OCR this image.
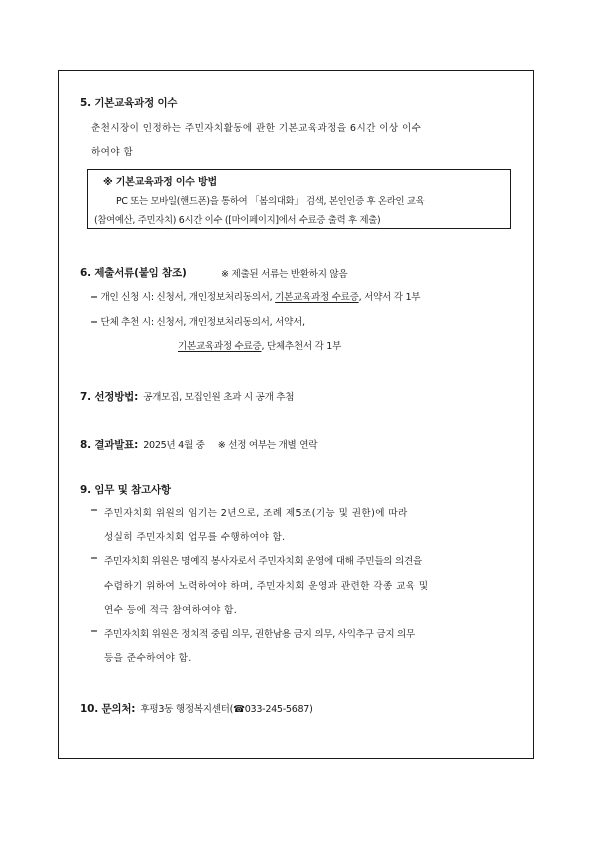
5. 기본교육과정 이수
춘천시장이 인정하는 주민자치활동에 관한 기본교육과정을 6시간 이상 이수
하여야 함
※ 기본교육과정 이수 방법
PC 또는 모바일(핸드폰)을 통하여 「봄의대화」 검색, 본인인증 후 온라인 교육
(참여예산, 주민자치) 6시간 이수 ([마이페이지]에서 수료증 출력 후 제출)
6. 제출서류(붙임 참조)	※ 제출된 서류는 반환하지 않음
− 개인 신청 시: 신청서, 개인정보처리동의서, 기본교육과정 수료증, 서약서 각 1부
− 단체 추천 시: 신청서, 개인정보처리동의서, 서약서,
기본교육과정 수료증, 단체추천서 각 1부
7. 선정방법: 공개모집, 모집인원 초과 시 공개 추첨
8. 결과발표: 2025년 4월 중 ※ 선정 여부는 개별 연락
9. 임무 및 참고사항
− 주민자치회 위원의 임기는 2년으로, 조례 제5조(기능 및 권한)에 따라
성실히 주민자치회 업무를 수행하여야 함.
− 주민자치회 위원은 명예직 봉사자로서 주민자치회 운영에 대해 주민들의 의견을
수렴하기 위하여 노력하여야 하며, 주민자치회 운영과 관련한 각종 교육 및
연수 등에 적극 참여하여야 함.
− 주민자치회 위원은 정치적 중립 의무, 권한남용 금지 의무, 사익추구 금지 의무
등을 준수하여야 함.
10. 문의처: 후평3동 행정복지센터(☎033-245-5687)
